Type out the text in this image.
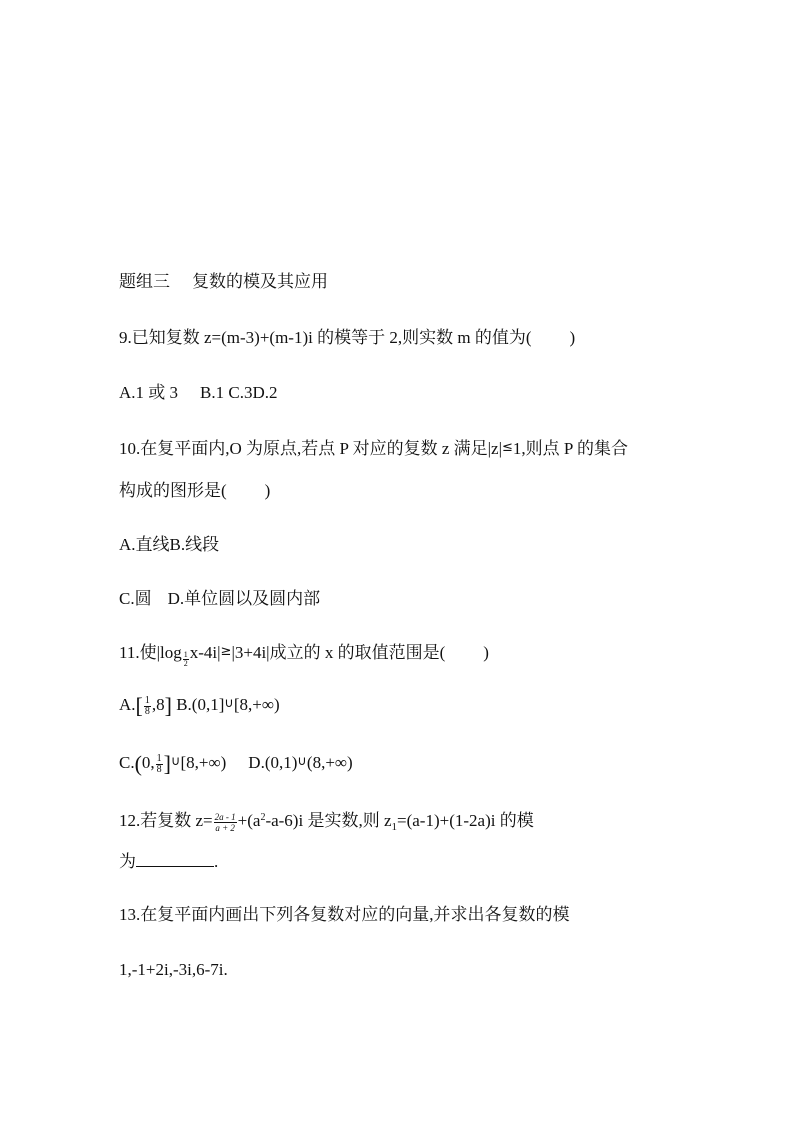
题组三 复数的模及其应用
9.已知复数 z=(m-3)+(m-1)i 的模等于 2,则实数 m 的值为( )
A.1 或 3 B.1 C.3D.2
10.在复平面内,O 为原点,若点 P 对应的复数 z 满足|z|≤1,则点 P 的集合
构成的图形是( )
A.直线B.线段
C.圆 D.单位圆以及圆内部
11.使$|\log \frac{1}{2} x-4i|\ge|3+4i|$成立的 x 的取值范围是( )
$A.[ \frac{1}{8} ,8]$ B.(0,1]∪[8,+∞)
C.(0, $\frac{1}{8}$ ]∪[8,+∞) D.(0,1)∪(8,+∞)
12.若复数 $z= \frac{2a - 1}{a + 2} +(a^2-a-6)i$ 是实数,则 $z_1=(a-1)+(1-2a)i$ 的模
为	.
13.在复平面内画出下列各复数对应的向量,并求出各复数的模
1,-1+2i,-3i,6-7i.
